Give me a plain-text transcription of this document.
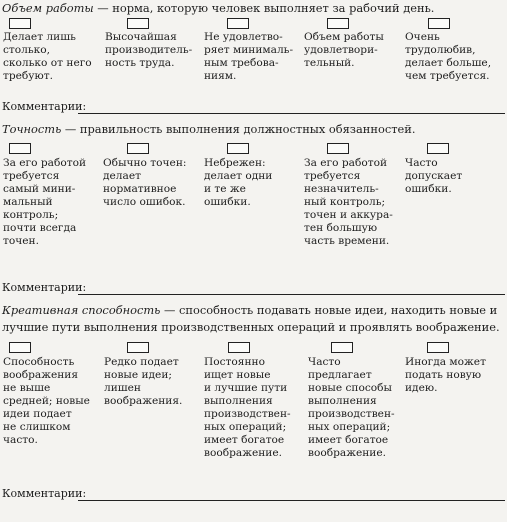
Объем работы — норма, которую человек выполняет за рабочий день.
Делает лишь
столько,
сколько от него
требуют.
Высочайшая
производитель-
ность труда.
Не удовлетво-
ряет минималь-
ным требова-
ниям.
Объем работы
удовлетвори-
тельный.
Очень
трудолюбив,
делает больше,
чем требуется.
Комментарии:
Точность — правильность выполнения должностных обязанностей.
За его работой
требуется
самый мини-
мальный
контроль;
почти всегда
точен.
Обычно точен:
делает
нормативное
число ошибок.
Небрежен:
делает одни
и те же
ошибки.
За его работой
требуется
незначитель-
ный контроль;
точен и аккура-
тен большую
часть времени.
Часто
допускает
ошибки.
Комментарии:
Креативная способность — способность подавать новые идеи, находить новые и лучшие пути выполнения производственных операций и проявлять воображение.
Способность
воображения
не выше
средней; новые
идеи подает
не слишком
часто.
Редко подает
новые идеи;
лишен
воображения.
Постоянно
ищет новые
и лучшие пути
выполнения
производствен-
ных операций;
имеет богатое
воображение.
Часто
предлагает
новые способы
выполнения
производствен-
ных операций;
имеет богатое
воображение.
Иногда может
подать новую
идею.
Комментарии:
